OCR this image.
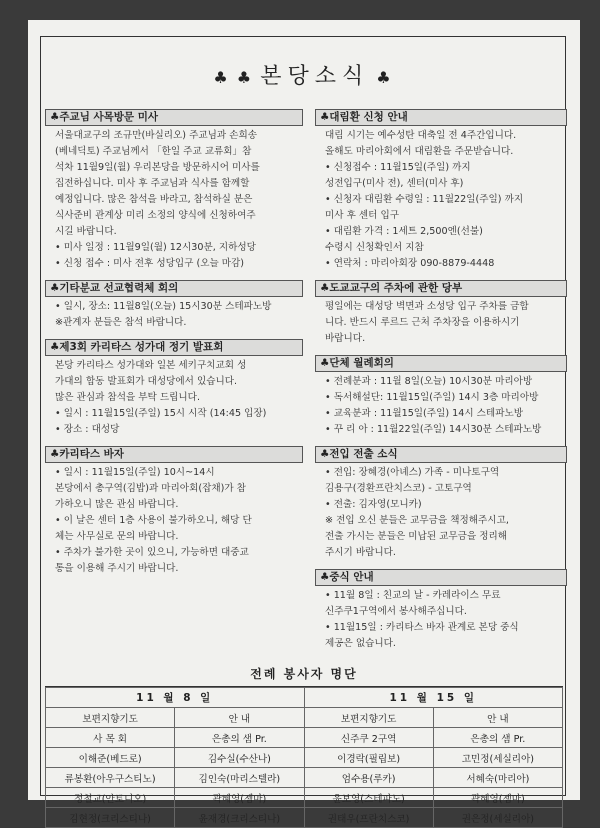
♣ ♣ 본당소식 ♣
♣주교님 사목방문 미사

서울대교구의 조규만(바실리오) 주교님과 손희송

(베네딕토) 주교님께서 「한일 주교 교류회」참

석차 11월9일(월) 우리본당을 방문하시어 미사를

집전하십니다. 미사 후 주교님과 식사를 함께할

예정입니다. 많은 참석을 바라고, 참석하실 분은

식사준비 관계상 미리 소정의 양식에 신청하여주

시길 바랍니다.

• 미사 일정 : 11월9일(월) 12시30분, 지하성당

• 신청 접수 : 미사 전후 성당입구 (오늘 마감)

♣기타분교 선교협력체 회의

• 일시, 장소: 11월8일(오늘) 15시30분 스테파노방

※관계자 분들은 참석 바랍니다.

♣제3회 카리타스 성가대 정기 발표회

본당 카리타스 성가대와 일본 세키구치교회 성

가대의 합동 발표회가 대성당에서 있습니다.

많은 관심과 참석을 부탁 드립니다.

• 일시 : 11월15일(주일) 15시 시작 (14:45 입장)

• 장소 : 대성당

♣카리타스 바자

• 일시 : 11월15일(주일) 10시~14시

본당에서 총구역(김밥)과 마리아회(잡채)가 참

가하오니 많은 관심 바랍니다.

• 이 날은 센터 1층 사용이 불가하오니, 해당 단

체는 사무실로 문의 바랍니다.

• 주차가 불가한 곳이 있으니, 가능하면 대중교

통을 이용해 주시기 바랍니다.

♣대림환 신청 안내

대림 시기는 예수성탄 대축일 전 4주간입니다.

올해도 마리아회에서 대림환을 주문받습니다.

• 신청접수 : 11월15일(주일) 까지

성전입구(미사 전), 센터(미사 후)

• 신청자 대림환 수령일 : 11월22일(주일) 까지

미사 후 센터 입구

• 대림환 가격 : 1세트 2,500엔(선불)

수령시 신청확인서 지참

• 연락처 : 마리아회장 090-8879-4448

♣도교교구의 주차에 관한 당부

평일에는 대성당 벽면과 소성당 입구 주차를 금합

니다. 반드시 루르드 근처 주차장을 이용하시기

바랍니다.

♣단체 월례회의

• 전례분과 : 11월 8일(오늘) 10시30분 마리아방

• 독서해설단: 11월15일(주일) 14시 3층 마리아방

• 교육분과 : 11월15일(주일) 14시 스테파노방

• 꾸 리 아 : 11월22일(주일) 14시30분 스테파노방

♣전입 전출 소식

• 전입: 장혜경(아녜스) 가족 - 미나토구역

김용구(경환프란치스코) - 고토구역

• 전출: 김자영(모니카)

※ 전입 오신 분들은 교무금을 책정해주시고,

전출 가시는 분들은 미납된 교무금을 정리해

주시기 바랍니다.

♣중식 안내

• 11월 8일 : 친교의 날 - 카레라이스 무료

신주쿠1구역에서 봉사해주십니다.

• 11월15일 : 카리타스 바자 관계로 본당 중식

제공은 없습니다.

전례 봉사자 명단
11 월 8 일		11 월 15 일	
보편지향기도	안 내	보편지향기도	안 내
사 목 회	은총의 샘 Pr.	신주쿠 2구역	은총의 샘 Pr.
이해준(베드로)	김수실(수산나)	이경락(필립보)	고민정(세실리아)
류봉환(아우구스티노)	김인숙(마리스텔라)	엄수용(루카)	서혜숙(마리아)
정철교(안토니오)	곽혜영(젬마)	윤보영(스테파노)	곽혜영(젬마)
김현정(크리스티나)	윤재경(크리스티나)	권태우(프란치스코)	권은정(세실리아)
